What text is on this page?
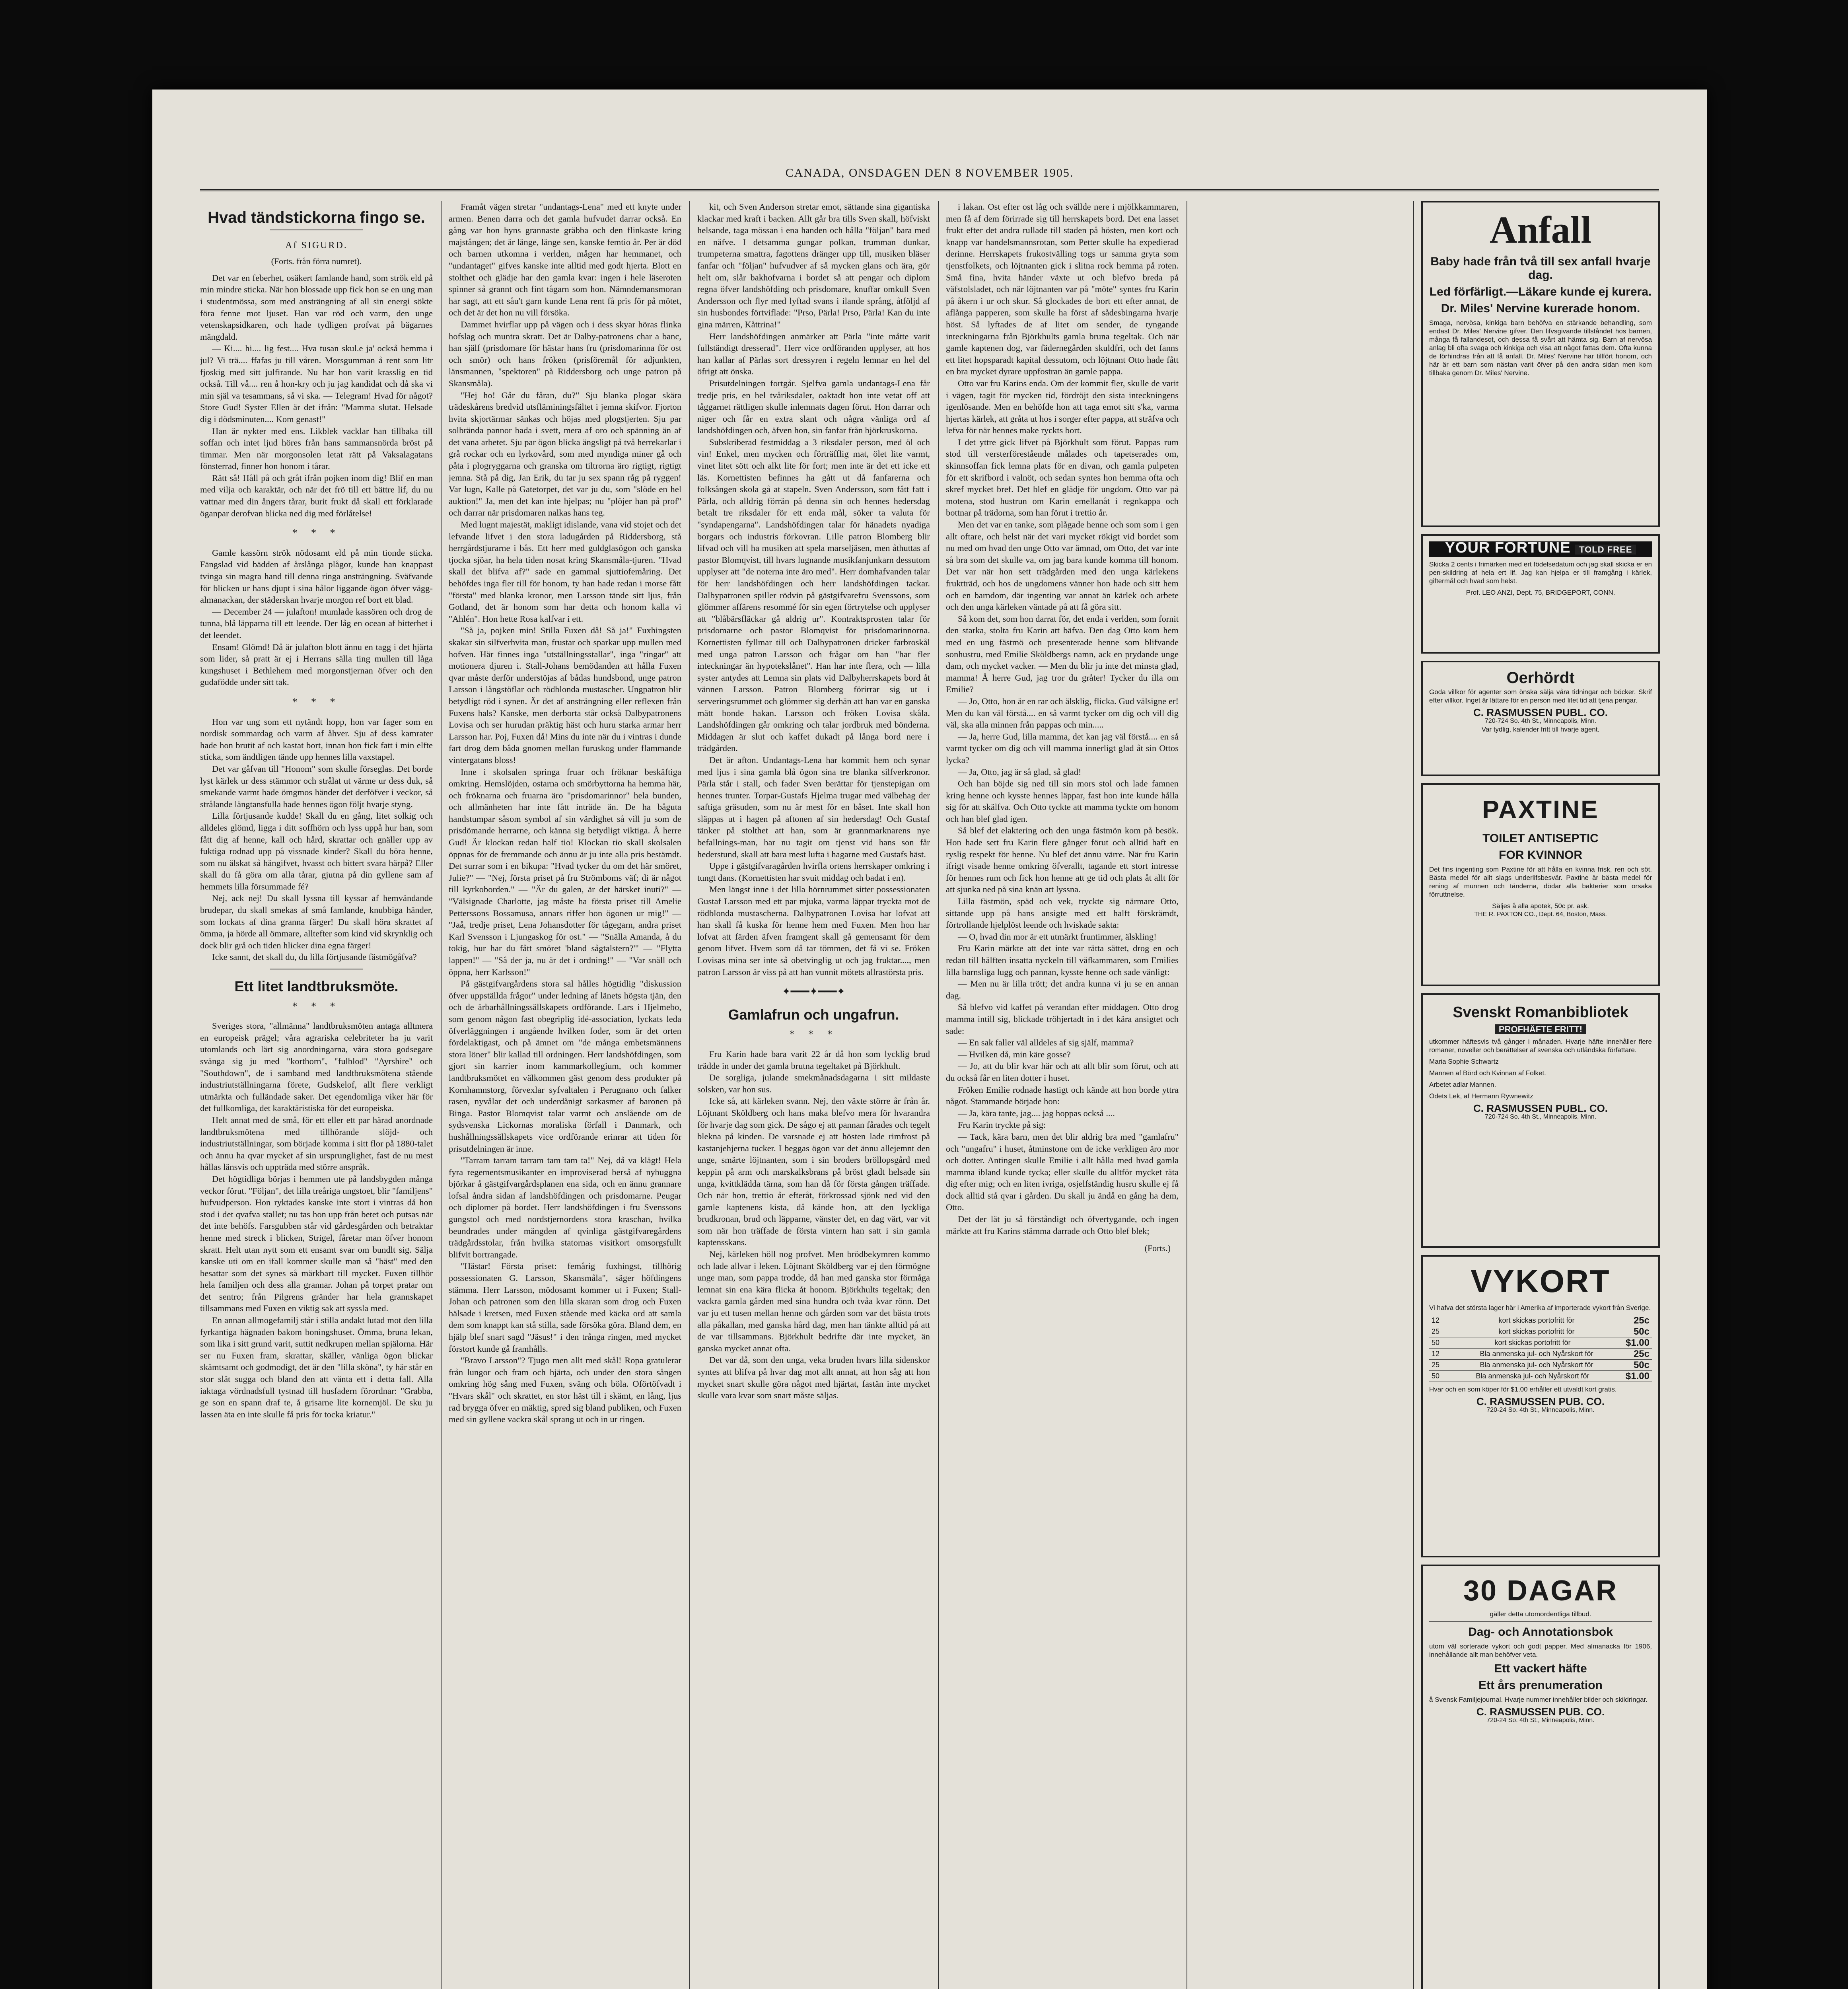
CANADA, ONSDAGEN DEN 8 NOVEMBER 1905.
Hvad tändstickorna fingo se.
Af SIGURD.
(Forts. från förra numret).

Det var en feberhet, osäkert famlande hand, som strök eld på min mindre sticka. När hon blossade upp fick hon se en ung man i studentmössa, som med ansträngning af all sin energi sökte föra fenne mot ljuset. Han var röd och varm, den unge vetenskapsidkaren, och hade tydligen profvat på bägarnes mängdald.

— Ki.... hi.... lig fest.... Hva tusan skul.e ja' också hemma i jul? Vi trä.... ffafas ju till våren. Morsgumman å rent som litr fjoskig med sitt julfirande. Nu har hon varit krasslig en tid också. Till vå.... ren å hon-kry och ju jag kandidat och då ska vi min själ va tesammans, så vi ska. — Telegram! Hvad för något? Store Gud! Syster Ellen är det ifrån: "Mamma slutat. Helsade dig i dödsminuten.... Kom genast!"

Han är nykter med ens. Likblek vacklar han tillbaka till soffan och intet ljud höres från hans sammansnörda bröst på timmar. Men när morgonsolen letat rätt på Vaksalagatans fönsterrad, finner hon honom i tårar.

Rätt så! Håll på och gråt ifrån pojken inom dig! Blif en man med vilja och karaktär, och när det frö till ett bättre lif, du nu vattnar med din ångers tårar, burit frukt då skall ett förklarade öganpar derofvan blicka ned dig med förlåtelse!

* * *

Gamle kassörn strök nödosamt eld på min tionde sticka. Fängslad vid bädden af årslånga plågor, kunde han knappast tvinga sin magra hand till denna ringa ansträngning. Sväfvande för blicken ur hans djupt i sina hålor liggande ögon öfver vägg-almanackan, der städerskan hvarje morgon ref bort ett blad.

— December 24 — julafton! mumlade kassören och drog de tunna, blå läpparna till ett leende. Der låg en ocean af bitterhet i det leendet.

Ensam! Glömd! Då är julafton blott ännu en tagg i det hjärta som lider, så pratt är ej i Herrans sälla ting mullen till låga kungshuset i Bethlehem med morgonstjernan öfver och den gudafödde under sitt tak.

* * *

Hon var ung som ett nytändt hopp, hon var fager som en nordisk sommardag och varm af åhver. Sju af dess kamrater hade hon brutit af och kastat bort, innan hon fick fatt i min elfte sticka, som ändtligen tände upp hennes lilla vaxstapel.

Det var gåfvan till "Honom" som skulle förseglas. Det borde lyst kärlek ur dess stämmor och strålat ut värme ur dess duk, så smekande varmt hade ömgmos händer det derföfver i veckor, så strålande längtansfulla hade hennes ögon följt hvarje styng.

Lilla förtjusande kudde! Skall du en gång, litet solkig och alldeles glömd, ligga i ditt soffhörn och lyss uppå hur han, som fått dig af henne, kall och hård, skrattar och gnäller upp av fuktiga rodnad upp på vissnade kinder? Skall du böra henne, som nu älskat så hängifvet, hvasst och bittert svara härpå? Eller skall du få göra om alla tårar, gjutna på din gyllene sam af hemmets lilla försummade fé?

Nej, ack nej! Du skall lyssna till kyssar af hemvändande brudepar, du skall smekas af små famlande, knubbiga händer, som lockats af dina granna färger! Du skall höra skrattet af ömma, ja hörde all ömmare, alltefter som kind vid skrynklig och dock blir grå och tiden hlicker dina egna färger!

Icke sannt, det skall du, du lilla förtjusande fästmögåfva?

Ett litet landtbruksmöte.
* * *

Sveriges stora, "allmänna" landtbruksmöten antaga alltmera en europeisk prägel; våra agrariska celebriteter ha ju varit utomlands och lärt sig anordningarna, våra stora godsegare svänga sig ju med "korthorn", "fulblod" "Ayrshire" och "Southdown", de i samband med landtbruksmötena stående industriutställningarna förete, Gudskelof, allt flere verkligt utmärkta och fulländade saker. Det egendomliga viker här för det fullkomliga, det karaktäristiska för det europeiska.

Helt annat med de små, för ett eller ett par härad anordnade landtbruksmötena med tillhörande slöjd- och industriutställningar, som började komma i sitt flor på 1880-talet och ännu ha qvar mycket af sin ursprunglighet, fast de nu mest hållas länsvis och uppträda med större anspråk.

Det högtidliga börjas i hemmen ute på landsbygden många veckor förut. "Följan", det lilla treåriga ungstoet, blir "familjens" hufvudperson. Hon ryktades kanske inte stort i vintras då hon stod i det qvafva stallet; nu tas hon upp från betet och putsas när det inte behöfs. Farsgubben står vid gårdesgården och betraktar henne med streck i blicken, Strigel, fåretar man öfver honom skratt. Helt utan nytt som ett ensamt svar om bundlt sig. Sälja kanske uti om en ifall kommer skulle man så "bäst" med den besattar som det synes så märkbart till mycket. Fuxen tillhör hela familjen och dess alla grannar. Johan på torpet pratar om det sentro; från Pilgrens gränder har hela grannskapet tillsammans med Fuxen en viktig sak att syssla med.

En annan allmogefamilj står i stilla andakt lutad mot den lilla fyrkantiga hägnaden bakom boningshuset. Ömma, bruna lekan, som lika i sitt grund varit, suttit nedkrupen mellan spjälorna. Här ser nu Fuxen fram, skrattar, skäller, vänliga ögon blickar skämtsamt och godmodigt, det är den "lilla sköna", ty här står en stor slät sugga och bland den att vänta ett i detta fall. Alla iaktaga vördnadsfull tystnad till husfadern förordnar: "Grabba, ge son en spann draf te, å grisarne lite kornemjöl. De sku ju lassen äta en inte skulle få pris för tocka kriatur."

Framåt vägen stretar "undantags-Lena" med ett knyte under armen. Benen darra och det gamla hufvudet darrar också. En gång var hon byns grannaste gräbba och den flinkaste kring majstången; det är länge, länge sen, kanske femtio år. Per är död och barnen utkomna i verlden, mågen har hemmanet, och "undantaget" gifves kanske inte alltid med godt hjerta. Blott en stolthet och glädje har den gamla kvar: ingen i hele läseroten spinner så grannt och fint tågarn som hon. Nämndemansmoran har sagt, att ett såu't garn kunde Lena rent få pris för på mötet, och det är det hon nu vill försöka.

Dammet hvirflar upp på vägen och i dess skyar höras flinka hofslag och muntra skratt. Det är Dalby-patronens char a banc, han själf (prisdomare för hästar hans fru (prisdomarinna för ost och smör) och hans fröken (prisföremål för adjunkten, länsmannen, "spektoren" på Riddersborg och unge patron på Skansmåla).

"Hej ho! Går du fåran, du?" Sju blanka plogar skära trädeskårens bredvid utsfläminingsfältet i jemna skifvor. Fjorton hvita skjortärmar sänkas och höjas med plogstjerten. Sju par solbrända pannor bada i svett, mera af oro och spänning än af det vana arbetet. Sju par ögon blicka ängsligt på två herrekarlar i grå rockar och en lyrkovård, som med myndiga miner gå och påta i plogryggarna och granska om tiltrorna äro rigtigt, rigtigt jemna. Stå på dig, Jan Erik, du tar ju sex spann råg på ryggen! Var lugn, Kalle på Gatetorpet, det var ju du, som "slöde en hel auktion!" Ja, men det kan inte hjelpas; nu "plöjer han på prof" och darrar när prisdomaren nalkas hans teg.

Med lugnt majestät, makligt idislande, vana vid stojet och det lefvande lifvet i den stora ladugården på Riddersborg, stå herrgårdstjurarne i bås. Ett herr med guldglasögon och ganska tjocka sjöar, ha hela tiden nosat kring Skansmåla-tjuren. "Hvad skall det blifva af?" sade en gammal sjuttiofemåring. Det behöfdes inga fler till för honom, ty han hade redan i morse fått "första" med blanka kronor, men Larsson tände sitt ljus, från Gotland, det är honom som har detta och honom kalla vi "Ahlén". Hon hette Rosa kalfvar i ett.

"Så ja, pojken min! Stilla Fuxen då! Så ja!" Fuxhingsten skakar sin silfverhvita man, frustar och sparkar upp mullen med hofven. Här finnes inga "utställningsstallar", inga "ringar" att motionera djuren i. Stall-Johans bemödanden att hålla Fuxen qvar måste derför understöjas af bådas hundsbond, unge patron Larsson i långstöflar och rödblonda mustascher. Ungpatron blir betydligt röd i synen. Är det af ansträngning eller reflexen från Fuxens hals? Kanske, men derborta står också Dalbypatronens Lovisa och ser hurudan präktig häst och huru starka armar herr Larsson har. Poj, Fuxen då! Mins du inte när du i vintras i dunde fart drog dem båda gnomen mellan furuskog under flammande vintergatans bloss!

Inne i skolsalen springa fruar och fröknar beskäftiga omkring. Hemslöjden, ostarna och smörbyttorna ha hemma här, och fröknarna och fruarna äro "prisdomarinnor" hela bunden, och allmänheten har inte fått inträde än. De ha båguta handstumpar såsom symbol af sin värdighet så vill ju som de prisdömande herrarne, och känna sig betydligt viktiga. Å herre Gud! Är klockan redan half tio! Klockan tio skall skolsalen öppnas för de fremmande och ännu är ju inte alla pris bestämdt. Det surrar som i en bikupa: "Hvad tycker du om det här smöret, Julie?" — "Nej, första priset på fru Strömboms väf; di är något till kyrkoborden." — "Är du galen, är det härsket inuti?" — "Välsignade Charlotte, jag måste ha första priset till Amelie Petterssons Bossamusa, annars riffer hon ögonen ur mig!" — "Jaå, tredje priset, Lena Johansdotter för tågegarn, andra priset Karl Svensson i Ljungaskog för ost." — "Snälla Amanda, å du tokig, hur har du fått smöret 'bland sågtalstern?'" — "Flytta lappen!" — "Så der ja, nu är det i ordning!" — "Var snäll och öppna, herr Karlsson!"

På gästgifvargårdens stora sal hålles högtidlig "diskussion öfver uppställda frågor" under ledning af länets högsta tjän, den och de ärbarhållningssällskapets ordförande. Lars i Hjelmebo, som genom någon fast obegriplig idé-association, lyckats leda öfverläggningen i angående hvilken foder, som är det orten fördelaktigast, och på ämnet om "de många embetsmännens stora löner" blir kallad till ordningen. Herr landshöfdingen, som gjort sin karrier inom kammarkollegium, och kommer landtbruksmötet en välkommen gäst genom dess produkter på Kornhamnstorg, förvexlar syfvaltalen i Perugnano och falker rasen, nyvålar det och underdånigt sarkasmer af baronen på Binga. Pastor Blomqvist talar varmt och anslående om de sydsvenska Lickornas moraliska förfall i Danmark, och hushållningssällskapets vice ordförande erinrar att tiden för prisutdelningen är inne.

"Tarram tarram tarram tam tam ta!" Nej, då va klägt! Hela fyra regementsmusikanter en improviserad berså af nybuggna björkar å gästgifvargårdsplanen ena sida, och en ännu grannare lofsal åndra sidan af landshöfdingen och prisdomarne. Peugar och diplomer på bordet. Herr landshöfdingen i fru Svenssons gungstol och med nordstjernordens stora kraschan, hvilka beundrades under mängden af qvinliga gästgifvaregårdens trädgårdsstolar, från hvilka statornas visitkort omsorgsfullt blifvit bortrangade.

"Hästar! Första priset: femårig fuxhingst, tillhörig possessionaten G. Larsson, Skansmåla", säger höfdingens stämma. Herr Larsson, mödosamt kommer ut i Fuxen; Stall-Johan och patronen som den lilla skaran som drog och Fuxen hälsade i kretsen, med Fuxen stående med käcka ord att samla dem som knappt kan stå stilla, sade försöka göra. Bland dem, en hjälp blef snart sagd "Jäsus!" i den trånga ringen, med mycket förstort kunde gå framhålls.

"Bravo Larsson"? Tjugo men allt med skål! Ropa gratulerar från lungor och fram och hjärta, och under den stora sången omkring hög sång med Fuxen, sväng och böla. Oförtöfvadt i "Hvars skål" och skrattet, en stor häst till i skämt, en lång, ljus rad brygga öfver en mäktig, spred sig bland publiken, och Fuxen med sin gyllene vackra skål sprang ut och in ur ringen.

kit, och Sven Anderson stretar emot, sättande sina gigantiska klackar med kraft i backen. Allt går bra tills Sven skall, höfviskt helsande, taga mössan i ena handen och hålla "följan" bara med en näfve. I detsamma gungar polkan, trumman dunkar, trumpeterna smattra, fagottens dränger upp till, musiken bläser fanfar och "följan" hufvudver af så mycken glans och ära, gör helt om, slår bakhofvarna i bordet så att pengar och diplom regna öfver landshöfding och prisdomare, knuffar omkull Sven Andersson och flyr med lyftad svans i ilande språng, åtföljd af sin husbondes förtviflade: "Prso, Pärla! Prso, Pärla! Kan du inte gina märren, Kåttrina!"

Herr landshöfdingen anmärker att Pärla "inte måtte varit fullständigt dresserad". Herr vice ordföranden upplyser, att hos han kallar af Pärlas sort dressyren i regeln lemnar en hel del öfrigt att önska.

Prisutdelningen fortgår. Sjelfva gamla undantags-Lena får tredje pris, en hel tvåriksdaler, oaktadt hon inte vetat off att tåggarnet rättligen skulle inlemnats dagen förut. Hon darrar och niger och får en extra slant och några vänliga ord af landshöfdingen och, äfven hon, sin fanfar från björkruskorna.

Subskriberad festmiddag a 3 riksdaler person, med öl och vin! Enkel, men mycken och förträfflig mat, ölet lite varmt, vinet litet sött och alkt lite för fort; men inte är det ett icke ett läs. Kornettisten befinnes ha gått ut då fanfarerna och folksången skola gå at stapeln. Sven Andersson, som fått fatt i Pärla, och alldrig förrän på denna sin och hennes hedersdag betalt tre riksdaler för ett enda mål, söker ta valuta för "syndapengarna". Landshöfdingen talar för hänadets nyadiga borgars och industris förkovran. Lille patron Blomberg blir lifvad och vill ha musiken att spela marseljäsen, men åthuttas af pastor Blomqvist, till hvars lugnande musikfanjunkarn dessutom upplyser att "de noterna inte äro med". Herr domhafvanden talar för herr landshöfdingen och herr landshöfdingen tackar. Dalbypatronen spiller rödvin på gästgifvarefru Svenssons, som glömmer affärens resommé för sin egen förtrytelse och upplyser att "blåbärsfläckar gå aldrig ur". Kontraktsprosten talar för prisdomarne och pastor Blomqvist för prisdomarinnorna. Kornettisten fyllmar till och Dalbypatronen dricker farbroskål med unga patron Larsson och frågar om han "har fler inteckningar än hypotekslånet". Han har inte flera, och — lilla syster antydes att Lemna sin plats vid Dalbyherrskapets bord åt vännen Larsson. Patron Blomberg förirrar sig ut i serveringsrummet och glömmer sig derhän att han var en ganska mätt bonde hakan. Larsson och fröken Lovisa skåla. Landshöfdingen går omkring och talar jordbruk med bönderna. Middagen är slut och kaffet dukadt på långa bord nere i trädgården.

Det är afton. Undantags-Lena har kommit hem och synar med ljus i sina gamla blå ögon sina tre blanka silfverkronor. Pärla står i stall, och fader Sven berättar för tjenstepigan om hennes trunter. Torpar-Gustafs Hjelma trugar med välbehag der saftiga gräsuden, som nu är mest för en båset. Inte skall hon släppas ut i hagen på aftonen af sin hedersdag! Och Gustaf tänker på stolthet att han, som är grannmarknarens nye befallnings-man, har nu tagit om tjenst vid hans son får hederstund, skall att bara mest lufta i hagarne med Gustafs häst.

Uppe i gästgifvaragården hvirfla ortens herrskaper omkring i tungt dans. (Kornettisten har svuit middag och badat i en).

Men längst inne i det lilla hörnrummet sitter possessionaten Gustaf Larsson med ett par mjuka, varma läppar tryckta mot de rödblonda mustascherna. Dalbypatronen Lovisa har lofvat att han skall få kuska för henne hem med Fuxen. Men hon har lofvat att färden äfven framgent skall gå gemensamt för dem genom lifvet. Hvem som då tar tömmen, det få vi se. Fröken Lovisas mina ser inte så obetvinglig ut och jag fruktar...., men patron Larsson är viss på att han vunnit mötets allrastörsta pris.

✦━━━✦━━━✦
Gamlafrun och ungafrun.
* * *

Fru Karin hade bara varit 22 år då hon som lycklig brud trädde in under det gamla brutna tegeltaket på Björkhult.

De sorgliga, julande smekmånadsdagarna i sitt mildaste solsken, var hon sus.

Icke så, att kärleken svann. Nej, den växte större år från år. Löjtnant Sköldberg och hans maka blefvo mera för hvarandra för hvarje dag som gick. De sågo ej att pannan fårades och tegelt blekna på kinden. De varsnade ej att hösten lade rimfrost på kastanjehjerna tucker. I beggas ögon var det ännu allejemnt den unge, smärte löjtnanten, som i sin broders bröllopsgård med keppin på arm och marskalksbrans på bröst gladt helsade sin unga, kvittklädda tärna, som han då för första gången träffade. Och när hon, trettio år efteråt, förkrossad sjönk ned vid den gamle kaptenens kista, då kände hon, att den lyckliga brudkronan, brud och läpparne, vänster det, en dag värt, var vit som när hon träffade de första vintern han satt i sin gamla kaptensskans.

Nej, kärleken höll nog profvet. Men brödbekymren kommo och lade allvar i leken. Löjtnant Sköldberg var ej den förmögne unge man, som pappa trodde, då han med ganska stor förmåga lemnat sin ena kära flicka åt honom. Björkhults tegeltak; den vackra gamla gården med sina hundra och tvåa kvar rönn. Det var ju ett tusen mellan henne och gården som var det bästa trots alla påkallan, med ganska hård dag, men han tänkte alltid på att de var tillsammans. Björkhult bedrifte där inte mycket, än ganska mycket annat ofta.

Det var då, som den unga, veka bruden hvars lilla sidenskor syntes att blifva på hvar dag mot allt annat, att hon såg att hon mycket snart skulle göra något med hjärtat, fastän inte mycket skulle vara kvar som snart måste säljas.

i lakan. Ost efter ost låg och svällde nere i mjölkkammaren, men få af dem förirrade sig till herrskapets bord. Det ena lasset frukt efter det andra rullade till staden på hösten, men kort och knapp var handelsmannsrotan, som Petter skulle ha expedierad derinne. Herrskapets frukostvälling togs ur samma gryta som tjenstfolkets, och löjtnanten gick i slitna rock hemma på roten. Små fina, hvita händer växte ut och blefvo breda på väfstolsladet, och när löjtnanten var på "möte" syntes fru Karin på åkern i ur och skur. Så glockades de bort ett efter annat, de aflånga papperen, som skulle ha först af sådesbingarna hvarje höst. Så lyftades de af litet om sender, de tyngande inteckningarna från Björkhults gamla bruna tegeltak. Och när gamle kaptenen dog, var fädernegården skuldfri, och det fanns ett litet hopsparadt kapital dessutom, och löjtnant Otto hade fått en bra mycket dyrare uppfostran än gamle pappa.

Otto var fru Karins enda. Om der kommit fler, skulle de varit i vägen, tagit för mycken tid, fördröjt den sista inteckningens igenlösande. Men en behöfde hon att taga emot sitt s'ka, varma hjertas kärlek, att gråta ut hos i sorger efter pappa, att sträfva och lefva för när hennes make ryckts bort.

I det yttre gick lifvet på Björkhult som förut. Pappas rum stod till versterförestående målades och tapetserades om, skinnsoffan fick lemna plats för en divan, och gamla pulpeten för ett skrifbord i valnöt, och sedan syntes hon hemma ofta och skref mycket bref. Det blef en glädje för ungdom. Otto var på motena, stod hustrun om Karin emellanåt i regnkappa och bottnar på trädorna, som han förut i trettio år.

Men det var en tanke, som plågade henne och som som i gen allt oftare, och helst när det vari mycket rökigt vid bordet som nu med om hvad den unge Otto var ämnad, om Otto, det var inte så bra som det skulle va, om jag bara kunde komma till honom. Det var när hon sett trädgården med den unga kärlekens fruktträd, och hos de ungdomens vänner hon hade och sitt hem och en barndom, där ingenting var annat än kärlek och arbete och den unga kärleken väntade på att få göra sitt.

Så kom det, som hon darrat för, det enda i verlden, som fornit den starka, stolta fru Karin att bäfva. Den dag Otto kom hem med en ung fästmö och presenterade henne som blifvande sonhustru, med Emilie Sköldbergs namn, ack en prydande unge dam, och mycket vacker. — Men du blir ju inte det minsta glad, mamma! Å herre Gud, jag tror du gråter! Tycker du illa om Emilie?

— Jo, Otto, hon är en rar och älsklig, flicka. Gud välsigne er! Men du kan väl förstå.... en så varmt tycker om dig och vill dig väl, ska alla minnen från pappas och min.....

— Ja, herre Gud, lilla mamma, det kan jag väl förstå.... en så varmt tycker om dig och vill mamma innerligt glad åt sin Ottos lycka?

— Ja, Otto, jag är så glad, så glad!

Och han böjde sig ned till sin mors stol och lade famnen kring henne och kysste hennes läppar, fast hon inte kunde hålla sig för att skälfva. Och Otto tyckte att mamma tyckte om honom och han blef glad igen.

Så blef det elaktering och den unga fästmön kom på besök. Hon hade sett fru Karin flere gånger förut och alltid haft en ryslig respekt för henne. Nu blef det ännu värre. När fru Karin ifrigt visade henne omkring öfverallt, tagande ett stort intresse för hennes rum och fick hon henne att ge tid och plats åt allt för att sjunka ned på sina knän att lyssna.

Lilla fästmön, späd och vek, tryckte sig närmare Otto, sittande upp på hans ansigte med ett halft förskrämdt, förtrollande hjelplöst leende och hviskade sakta:

— O, hvad din mor är ett utmärkt fruntimmer, älskling!

Fru Karin märkte att det inte var rätta sättet, drog en och redan till hälften insatta nyckeln till väfkammaren, som Emilies lilla barnsliga lugg och pannan, kysste henne och sade vänligt:

— Men nu är lilla trött; det andra kunna vi ju se en annan dag.

Så blefvo vid kaffet på verandan efter middagen. Otto drog mamma intill sig, blickade tröhjertadt in i det kära ansigtet och sade:

— En sak faller väl alldeles af sig själf, mamma?

— Hvilken då, min käre gosse?

— Jo, att du blir kvar här och att allt blir som förut, och att du också får en liten dotter i huset.

Fröken Emilie rodnade hastigt och kände att hon borde yttra något. Stammande började hon:

— Ja, kära tante, jag.... jag hoppas också ....

Fru Karin tryckte på sig:

— Tack, kära barn, men det blir aldrig bra med "gamlafru" och "ungafru" i huset, åtminstone om de icke verkligen äro mor och dotter. Antingen skulle Emilie i allt hålla med hvad gamla mamma ibland kunde tycka; eller skulle du alltför mycket räta dig efter mig; och en liten ivriga, osjelfständig husru skulle ej få dock alltid stå qvar i gården. Du skall ju ändå en gång ha dem, Otto.

Det der lät ju så förståndigt och öfvertygande, och ingen märkte att fru Karins stämma darrade och Otto blef blek;

(Forts.)
Anfall
Baby hade från två till sex anfall hvarje dag.
Led förfärligt.—Läkare kunde ej kurera.
Dr. Miles' Nervine kurerade honom.

Smaga, nervösa, kinkiga barn behöfva en stärkande behandling, som endast Dr. Miles' Nervine gifver. Den lifvsgivande tillståndet hos barnen, många få fallandesot, och dessa få svårt att hämta sig. Barn af nervösa anlag bli ofta svaga och kinkiga och visa att något fattas dem. Ofta kunna de förhindras från att få anfall. Dr. Miles' Nervine har tillfört honom, och här är ett barn som nästan varit öfver på den andra sidan men kom tillbaka genom Dr. Miles' Nervine.

YOUR FORTUNE TOLD FREE

Skicka 2 cents i frimärken med ert födelsedatum och jag skall skicka er en pen-skildring af hela ert lif. Jag kan hjelpa er till framgång i kärlek, giftermål och hvad som helst.

Prof. LEO ANZI, Dept. 75, BRIDGEPORT, CONN.
Oerhördt

Goda villkor för agenter som önska sälja våra tidningar och böcker. Skrif efter villkor. Inget är lättare för en person med litet tid att tjena pengar.

C. RASMUSSEN PUBL. CO.
720-724 So. 4th St., Minneapolis, Minn.
Var tydlig, kalender fritt till hvarje agent.
PAXTINE
TOILET ANTISEPTIC
FOR KVINNOR

Det fins ingenting som Paxtine för att hålla en kvinna frisk, ren och söt. Bästa medel för allt slags underlifsbesvär. Paxtine är bästa medel för rening af munnen och tänderna, dödar alla bakterier som orsaka förruttnelse.

Säljes å alla apotek, 50c pr. ask.
THE R. PAXTON CO., Dept. 64, Boston, Mass.
Svenskt Romanbibliotek
PROFHÄFTE FRITT!

utkommer häftesvis två gånger i månaden. Hvarje häfte innehåller flere romaner, noveller och berättelser af svenska och utländska författare.

Maria Sophie Schwartz

Mannen af Börd och Kvinnan af Folket.

Arbetet adlar Mannen.

Ödets Lek, af Hermann Rywnewitz

C. RASMUSSEN PUBL. CO.
720-724 So. 4th St., Minneapolis, Minn.
VYKORT

Vi hafva det största lager här i Amerika af importerade vykort från Sverige.

12	kort skickas portofritt för	25c
25	kort skickas portofritt för	50c
50	kort skickas portofritt för	$1.00
12	Bla anmenska jul- och Nyårskort för	25c
25	Bla anmenska jul- och Nyårskort för	50c
50	Bla anmenska jul- och Nyårskort för	$1.00

Hvar och en som köper för $1.00 erhåller ett utvaldt kort gratis.

C. RASMUSSEN PUB. CO.
720-24 So. 4th St., Minneapolis, Minn.
30 DAGAR
gäller detta utomordentliga tillbud.
Dag- och Annotationsbok

utom väl sorterade vykort och godt papper. Med almanacka för 1906, innehållande allt man behöfver veta.

Ett vackert häfte
Ett års prenumeration

å Svensk Familjejournal. Hvarje nummer innehåller bilder och skildringar.

C. RASMUSSEN PUB. CO.
720-24 So. 4th St., Minneapolis, Minn.
